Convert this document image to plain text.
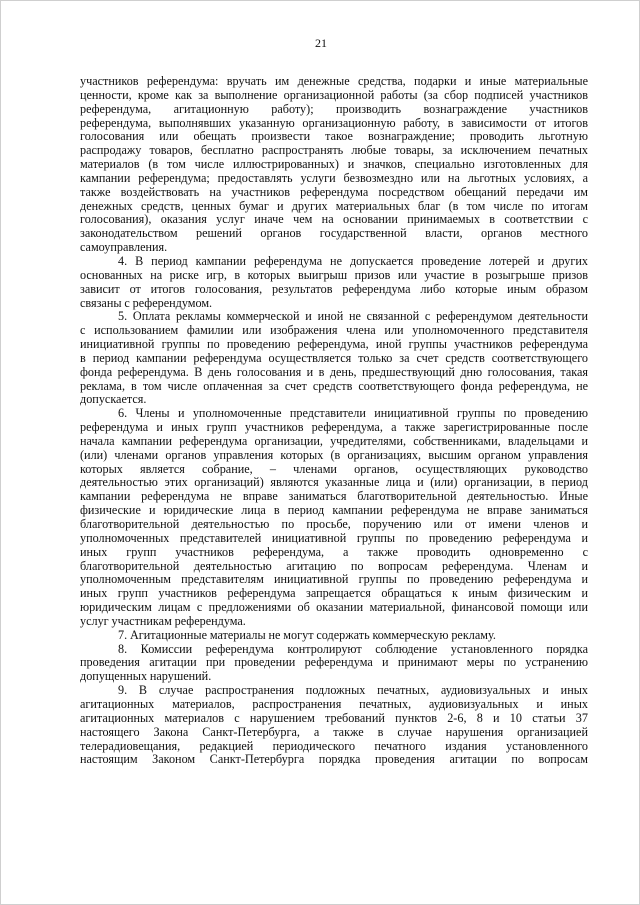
21
участников референдума: вручать им денежные средства, подарки и иные материальные
ценности, кроме как за выполнение организационной работы (за сбор подписей участников
референдума, агитационную работу); производить вознаграждение участников
референдума, выполнявших указанную организационную работу, в зависимости от итогов
голосования или обещать произвести такое вознаграждение; проводить льготную
распродажу товаров, бесплатно распространять любые товары, за исключением печатных
материалов (в том числе иллюстрированных) и значков, специально изготовленных для
кампании референдума; предоставлять услуги безвозмездно или на льготных условиях, а
также воздействовать на участников референдума посредством обещаний передачи им
денежных средств, ценных бумаг и других материальных благ (в том числе по итогам
голосования), оказания услуг иначе чем на основании принимаемых в соответствии с
законодательством решений органов государственной власти, органов местного
самоуправления.
4. В период кампании референдума не допускается проведение лотерей и других
основанных на риске игр, в которых выигрыш призов или участие в розыгрыше призов
зависит от итогов голосования, результатов референдума либо которые иным образом
связаны с референдумом.
5. Оплата рекламы коммерческой и иной не связанной с референдумом деятельности
с использованием фамилии или изображения члена или уполномоченного представителя
инициативной группы по проведению референдума, иной группы участников референдума
в период кампании референдума осуществляется только за счет средств соответствующего
фонда референдума. В день голосования и в день, предшествующий дню голосования, такая
реклама, в том числе оплаченная за счет средств соответствующего фонда референдума, не
допускается.
6. Члены и уполномоченные представители инициативной группы по проведению
референдума и иных групп участников референдума, а также зарегистрированные после
начала кампании референдума организации, учредителями, собственниками, владельцами и
(или) членами органов управления которых (в организациях, высшим органом управления
которых является собрание, – членами органов, осуществляющих руководство
деятельностью этих организаций) являются указанные лица и (или) организации, в период
кампании референдума не вправе заниматься благотворительной деятельностью. Иные
физические и юридические лица в период кампании референдума не вправе заниматься
благотворительной деятельностью по просьбе, поручению или от имени членов и
уполномоченных представителей инициативной группы по проведению референдума и
иных групп участников референдума, а также проводить одновременно с
благотворительной деятельностью агитацию по вопросам референдума. Членам и
уполномоченным представителям инициативной группы по проведению референдума и
иных групп участников референдума запрещается обращаться к иным физическим и
юридическим лицам с предложениями об оказании материальной, финансовой помощи или
услуг участникам референдума.
7. Агитационные материалы не могут содержать коммерческую рекламу.
8. Комиссии референдума контролируют соблюдение установленного порядка
проведения агитации при проведении референдума и принимают меры по устранению
допущенных нарушений.
9. В случае распространения подложных печатных, аудиовизуальных и иных
агитационных материалов, распространения печатных, аудиовизуальных и иных
агитационных материалов с нарушением требований пунктов 2-6, 8 и 10 статьи 37
настоящего Закона Санкт-Петербурга, а также в случае нарушения организацией
телерадиовещания, редакцией периодического печатного издания установленного
настоящим Законом Санкт-Петербурга порядка проведения агитации по вопросам
